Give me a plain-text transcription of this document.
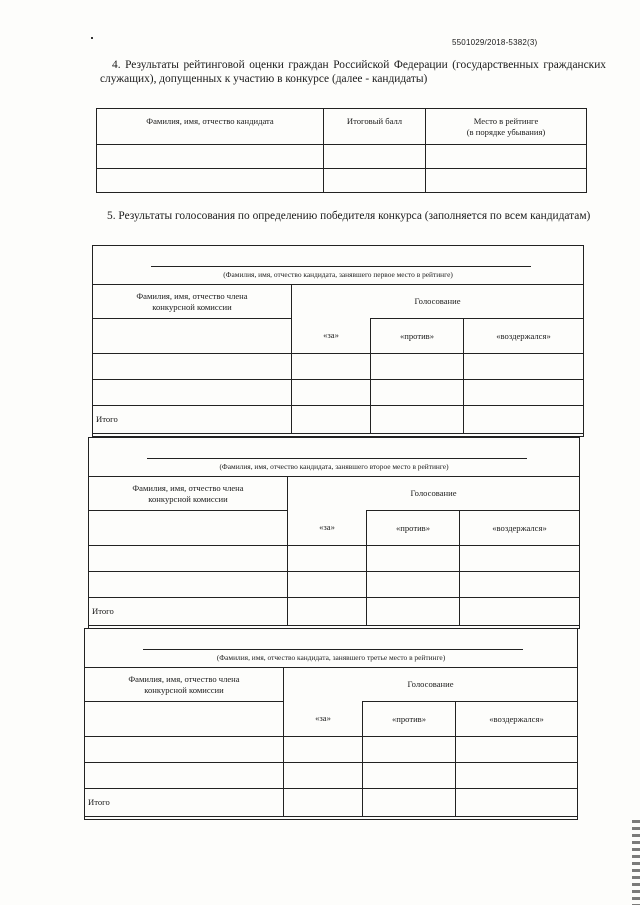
5501029/2018-5382(3)
4. Результаты рейтинговой оценки граждан Российской Федерации (государственных гражданских служащих), допущенных к участию в конкурсе (далее - кандидаты)
Фамилия, имя, отчество кандидата	Итоговый балл	Место в рейтинге
(в порядке убывания)

5. Результаты голосования по определению победителя конкурса (заполняется по всем кандидатам)
(Фамилия, имя, отчество кандидата, занявшего первое место в рейтинге)
Фамилия, имя, отчество члена
конкурсной комиссии	Голосование		
	«за»	«против»	«воздержался»

Итого			
(Фамилия, имя, отчество кандидата, занявшего второе место в рейтинге)
Фамилия, имя, отчество члена
конкурсной комиссии	Голосование		
	«за»	«против»	«воздержался»

Итого			
(Фамилия, имя, отчество кандидата, занявшего третье место в рейтинге)
Фамилия, имя, отчество члена
конкурсной комиссии	Голосование		
	«за»	«против»	«воздержался»

Итого			
